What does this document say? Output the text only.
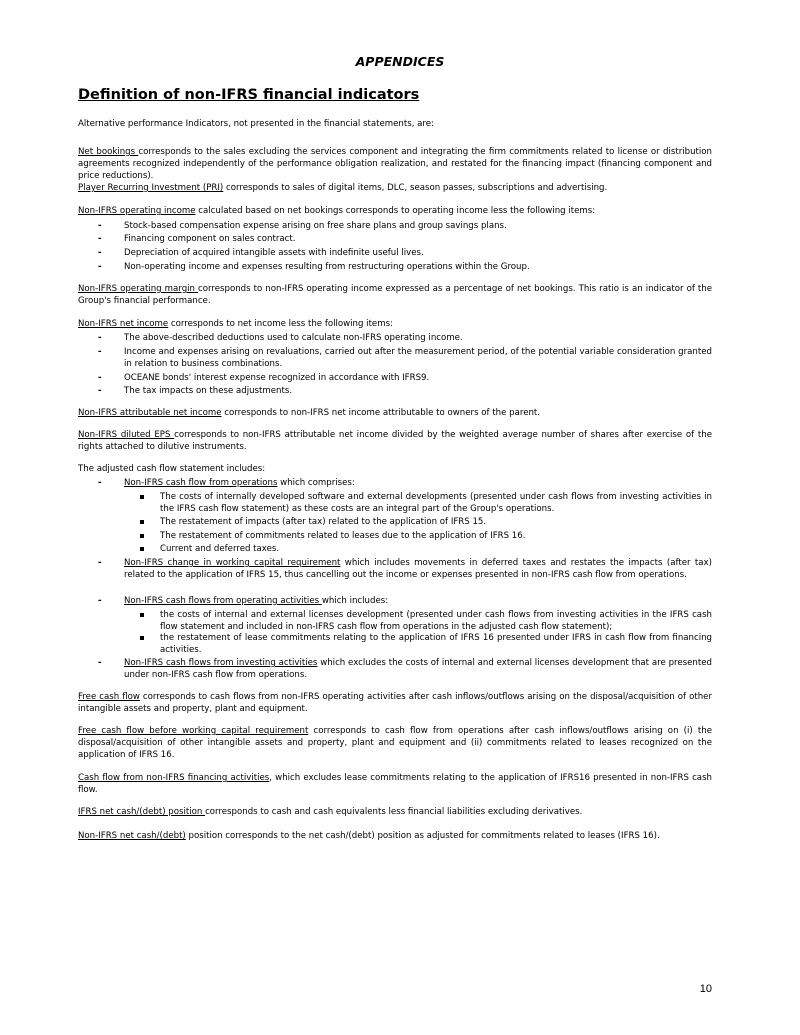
APPENDICES
Definition of non-IFRS financial indicators
Alternative performance Indicators, not presented in the financial statements, are:
Net bookings corresponds to the sales excluding the services component and integrating the firm commitments related to license or distribution agreements recognized independently of the performance obligation realization, and restated for the financing impact (financing component and price reductions).
Player Recurring Investment (PRI) corresponds to sales of digital items, DLC, season passes, subscriptions and advertising.
Non-IFRS operating income calculated based on net bookings corresponds to operating income less the following items:
- Stock-based compensation expense arising on free share plans and group savings plans.
- Financing component on sales contract.
- Depreciation of acquired intangible assets with indefinite useful lives.
- Non-operating income and expenses resulting from restructuring operations within the Group.
Non-IFRS operating margin corresponds to non-IFRS operating income expressed as a percentage of net bookings. This ratio is an indicator of the Group's financial performance.
Non-IFRS net income corresponds to net income less the following items:
- The above-described deductions used to calculate non-IFRS operating income.
- Income and expenses arising on revaluations, carried out after the measurement period, of the potential variable consideration granted in relation to business combinations.
- OCEANE bonds' interest expense recognized in accordance with IFRS9.
- The tax impacts on these adjustments.
Non-IFRS attributable net income corresponds to non-IFRS net income attributable to owners of the parent.
Non-IFRS diluted EPS corresponds to non-IFRS attributable net income divided by the weighted average number of shares after exercise of the rights attached to dilutive instruments.
The adjusted cash flow statement includes:
- Non-IFRS cash flow from operations which comprises:
The costs of internally developed software and external developments (presented under cash flows from investing activities in the IFRS cash flow statement) as these costs are an integral part of the Group's operations.
The restatement of impacts (after tax) related to the application of IFRS 15.
The restatement of commitments related to leases due to the application of IFRS 16.
Current and deferred taxes.
- Non-IFRS change in working capital requirement which includes movements in deferred taxes and restates the impacts (after tax) related to the application of IFRS 15, thus cancelling out the income or expenses presented in non-IFRS cash flow from operations.
- Non-IFRS cash flows from operating activities which includes:
the costs of internal and external licenses development (presented under cash flows from investing activities in the IFRS cash flow statement and included in non-IFRS cash flow from operations in the adjusted cash flow statement);
the restatement of lease commitments relating to the application of IFRS 16 presented under IFRS in cash flow from financing activities.
- Non-IFRS cash flows from investing activities which excludes the costs of internal and external licenses development that are presented under non-IFRS cash flow from operations.
Free cash flow corresponds to cash flows from non-IFRS operating activities after cash inflows/outflows arising on the disposal/acquisition of other intangible assets and property, plant and equipment.
Free cash flow before working capital requirement corresponds to cash flow from operations after cash inflows/outflows arising on (i) the disposal/acquisition of other intangible assets and property, plant and equipment and (ii) commitments related to leases recognized on the application of IFRS 16.
Cash flow from non-IFRS financing activities, which excludes lease commitments relating to the application of IFRS16 presented in non-IFRS cash flow.
IFRS net cash/(debt) position corresponds to cash and cash equivalents less financial liabilities excluding derivatives.
Non-IFRS net cash/(debt) position corresponds to the net cash/(debt) position as adjusted for commitments related to leases (IFRS 16).
10
